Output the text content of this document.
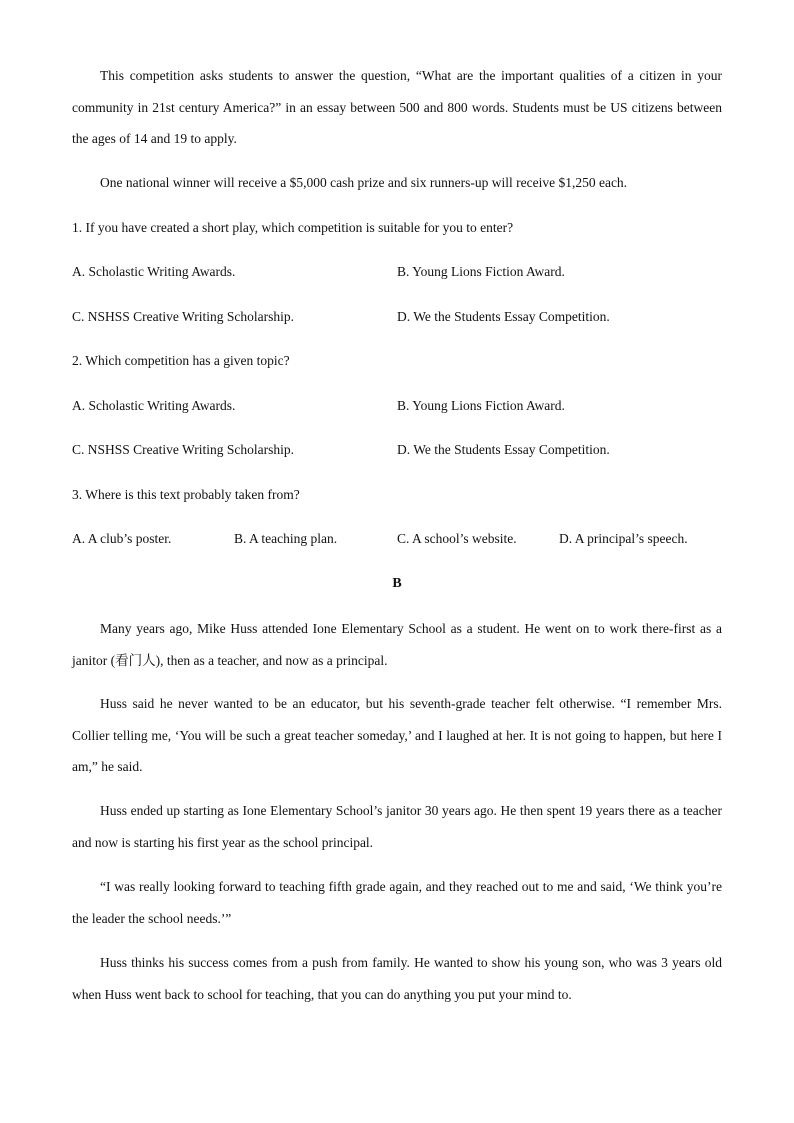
This competition asks students to answer the question, “What are the important qualities of a citizen in your community in 21st century America?” in an essay between 500 and 800 words. Students must be US citizens between the ages of 14 and 19 to apply.

One national winner will receive a $5,000 cash prize and six runners-up will receive $1,250 each.

1. If you have created a short play, which competition is suitable for you to enter?

A. Scholastic Writing Awards.	B. Young Lions Fiction Award.

C. NSHSS Creative Writing Scholarship.	D. We the Students Essay Competition.

2. Which competition has a given topic?

A. Scholastic Writing Awards.	B. Young Lions Fiction Award.

C. NSHSS Creative Writing Scholarship.	D. We the Students Essay Competition.

3. Where is this text probably taken from?

A. A club’s poster.	B. A teaching plan.	C. A school’s website.	D. A principal’s speech.

B

Many years ago, Mike Huss attended Ione Elementary School as a student. He went on to work there-first as a janitor (看门人), then as a teacher, and now as a principal.

Huss said he never wanted to be an educator, but his seventh-grade teacher felt otherwise. “I remember Mrs. Collier telling me, ‘You will be such a great teacher someday,’ and I laughed at her. It is not going to happen, but here I am,” he said.

Huss ended up starting as Ione Elementary School’s janitor 30 years ago. He then spent 19 years there as a teacher and now is starting his first year as the school principal.

“I was really looking forward to teaching fifth grade again, and they reached out to me and said, ‘We think you’re the leader the school needs.’”

Huss thinks his success comes from a push from family. He wanted to show his young son, who was 3 years old when Huss went back to school for teaching, that you can do anything you put your mind to.
